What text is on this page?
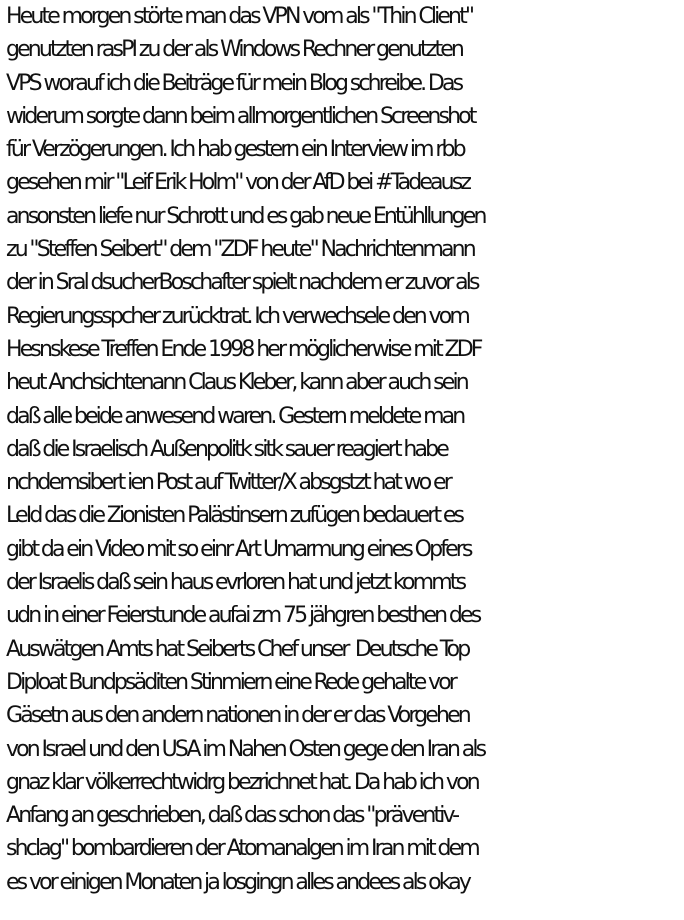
Heute morgen störte man das VPN vom als "Thin Client"
genutzten rasPI zu der als Windows Rechner genutzten
VPS worauf ich die Beiträge für mein Blog schreibe. Das
widerum sorgte dann beim allmorgentlichen Screenshot
für Verzögerungen. Ich hab gestern ein Interview im rbb
gesehen mir "Leif Erik Holm" von der AfD bei #Tadeausz
ansonsten liefe nur Schrott und es gab neue Entühllungen
zu "Steffen Seibert" dem "ZDF heute" Nachrichtenmann
der in Sral dsucherBoschafter spielt nachdem er zuvor als
Regierungsspcher zurücktrat. Ich verwechsele den vom
Hesnskese Treffen Ende 1998 her möglicherwise mit ZDF
heut Anchsichtenann Claus Kleber, kann aber auch sein
daß alle beide anwesend waren. Gestern meldete man
daß die Israelisch Außenpolitk sitk sauer reagiert habe
nchdemsibert ien Post auf Twitter/X absgstzt hat wo er
LeId das die Zionisten Palästinsern zufügen bedauert es
gibt da ein Video mit so einr Art Umarmung eines Opfers
der Israelis daß sein haus evrloren hat und jetzt kommts
udn in einer Feierstunde aufai zm 75 jähgren besthen des
Auswätgen Amts hat Seiberts Chef unser  Deutsche Top
Diploat Bundpsäditen Stinmiern eine Rede gehalte vor
Gäsetn aus den andern nationen in der er das Vorgehen
von Israel und den USA im Nahen Osten gege den Iran als
gnaz klar völkerrechtwidrg bezrichnet hat. Da hab ich von
Anfang an geschrieben, daß das schon das "präventiv-
shclag" bombardieren der Atomanalgen im Iran mit dem
es vor einigen Monaten ja losgingn alles andees als okay
